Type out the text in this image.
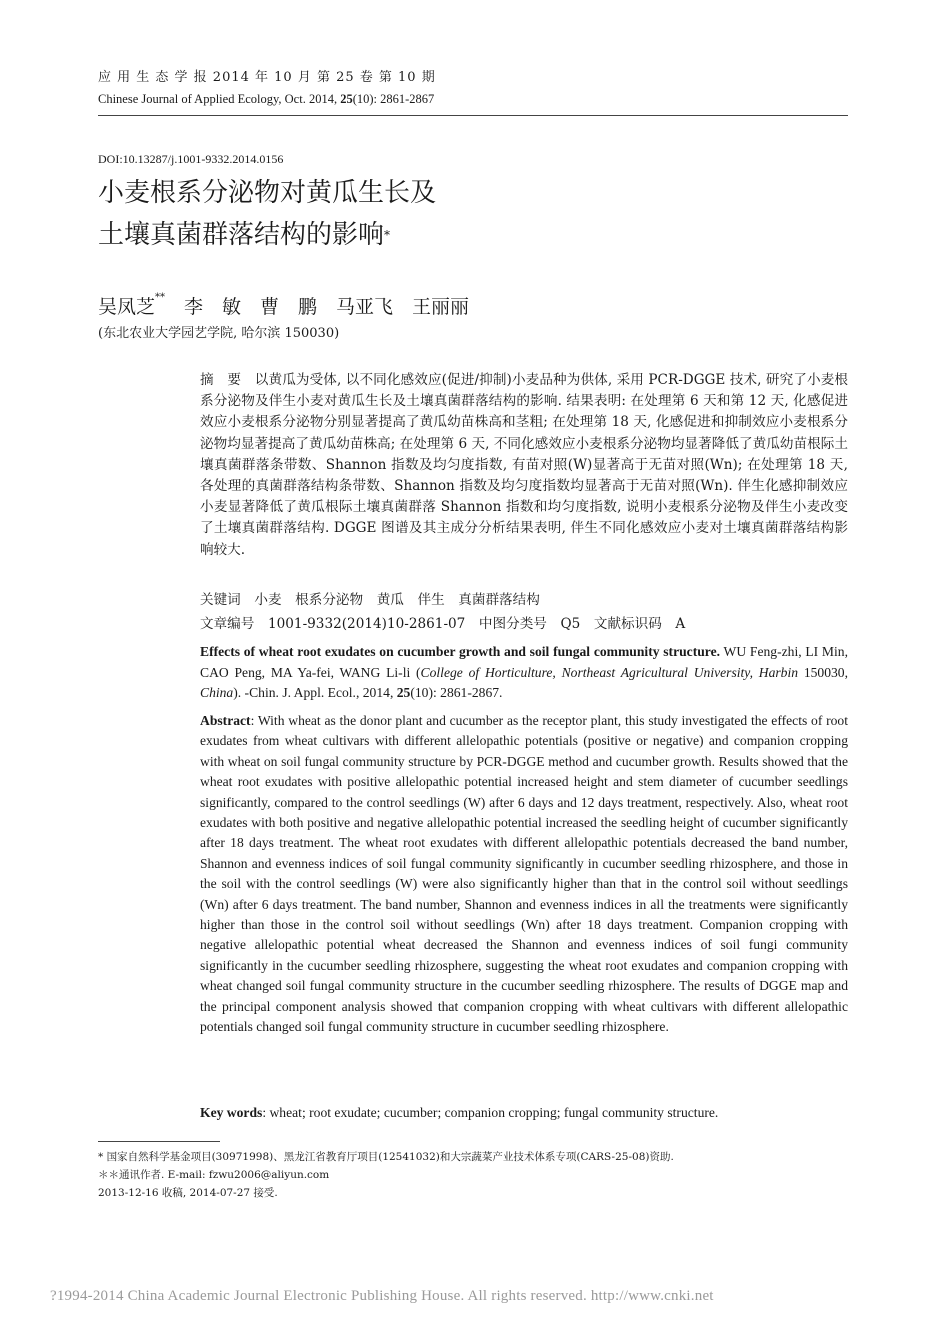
应 用 生 态 学 报 2014 年 10 月 第 25 卷 第 10 期
Chinese Journal of Applied Ecology, Oct. 2014, 25(10): 2861-2867
DOI:10.13287/j.1001-9332.2014.0156
小麦根系分泌物对黄瓜生长及
土壤真菌群落结构的影响*
吴凤芝**　 李　敏　曹　鹏　马亚飞　王丽丽
(东北农业大学园艺学院, 哈尔滨 150030)
摘　要　以黄瓜为受体, 以不同化感效应(促进/抑制)小麦品种为供体, 采用 PCR-DGGE 技术, 研究了小麦根系分泌物及伴生小麦对黄瓜生长及土壤真菌群落结构的影响. 结果表明: 在处理第 6 天和第 12 天, 化感促进效应小麦根系分泌物分别显著提高了黄瓜幼苗株高和茎粗; 在处理第 18 天, 化感促进和抑制效应小麦根系分泌物均显著提高了黄瓜幼苗株高; 在处理第 6 天, 不同化感效应小麦根系分泌物均显著降低了黄瓜幼苗根际土壤真菌群落条带数、Shannon 指数及均匀度指数, 有苗对照(W)显著高于无苗对照(Wn); 在处理第 18 天, 各处理的真菌群落结构条带数、Shannon 指数及均匀度指数均显著高于无苗对照(Wn). 伴生化感抑制效应小麦显著降低了黄瓜根际土壤真菌群落 Shannon 指数和均匀度指数, 说明小麦根系分泌物及伴生小麦改变了土壤真菌群落结构. DGGE 图谱及其主成分分析结果表明, 伴生不同化感效应小麦对土壤真菌群落结构影响较大.
关键词　小麦　根系分泌物　黄瓜　伴生　真菌群落结构
文章编号　1001-9332(2014)10-2861-07　中图分类号　Q5　文献标识码　A
Effects of wheat root exudates on cucumber growth and soil fungal community structure. WU Feng-zhi, LI Min, CAO Peng, MA Ya-fei, WANG Li-li (College of Horticulture, Northeast Agricultural University, Harbin 150030, China). -Chin. J. Appl. Ecol., 2014, 25(10): 2861-2867.
Abstract: With wheat as the donor plant and cucumber as the receptor plant, this study investigated the effects of root exudates from wheat cultivars with different allelopathic potentials (positive or negative) and companion cropping with wheat on soil fungal community structure by PCR-DGGE method and cucumber growth. Results showed that the wheat root exudates with positive allelopathic potential increased height and stem diameter of cucumber seedlings significantly, compared to the control seedlings (W) after 6 days and 12 days treatment, respectively. Also, wheat root exudates with both positive and negative allelopathic potential increased the seedling height of cucumber significantly after 18 days treatment. The wheat root exudates with different allelopathic potentials decreased the band number, Shannon and evenness indices of soil fungal community significantly in cucumber seedling rhizosphere, and those in the soil with the control seedlings (W) were also significantly higher than that in the control soil without seedlings (Wn) after 6 days treatment. The band number, Shannon and evenness indices in all the treatments were significantly higher than those in the control soil without seedlings (Wn) after 18 days treatment. Companion cropping with negative allelopathic potential wheat decreased the Shannon and evenness indices of soil fungi community significantly in the cucumber seedling rhizosphere, suggesting the wheat root exudates and companion cropping with wheat changed soil fungal community structure in the cucumber seedling rhizosphere. The results of DGGE map and the principal component analysis showed that companion cropping with wheat cultivars with different allelopathic potentials changed soil fungal community structure in cucumber seedling rhizosphere.
Key words: wheat; root exudate; cucumber; companion cropping; fungal community structure.
* 国家自然科学基金项目(30971998)、黑龙江省教育厅项目(12541032)和大宗蔬菜产业技术体系专项(CARS-25-08)资助.
＊＊通讯作者. E-mail: fzwu2006@aliyun.com
2013-12-16 收稿, 2014-07-27 接受.
?1994-2014 China Academic Journal Electronic Publishing House. All rights reserved. http://www.cnki.net
